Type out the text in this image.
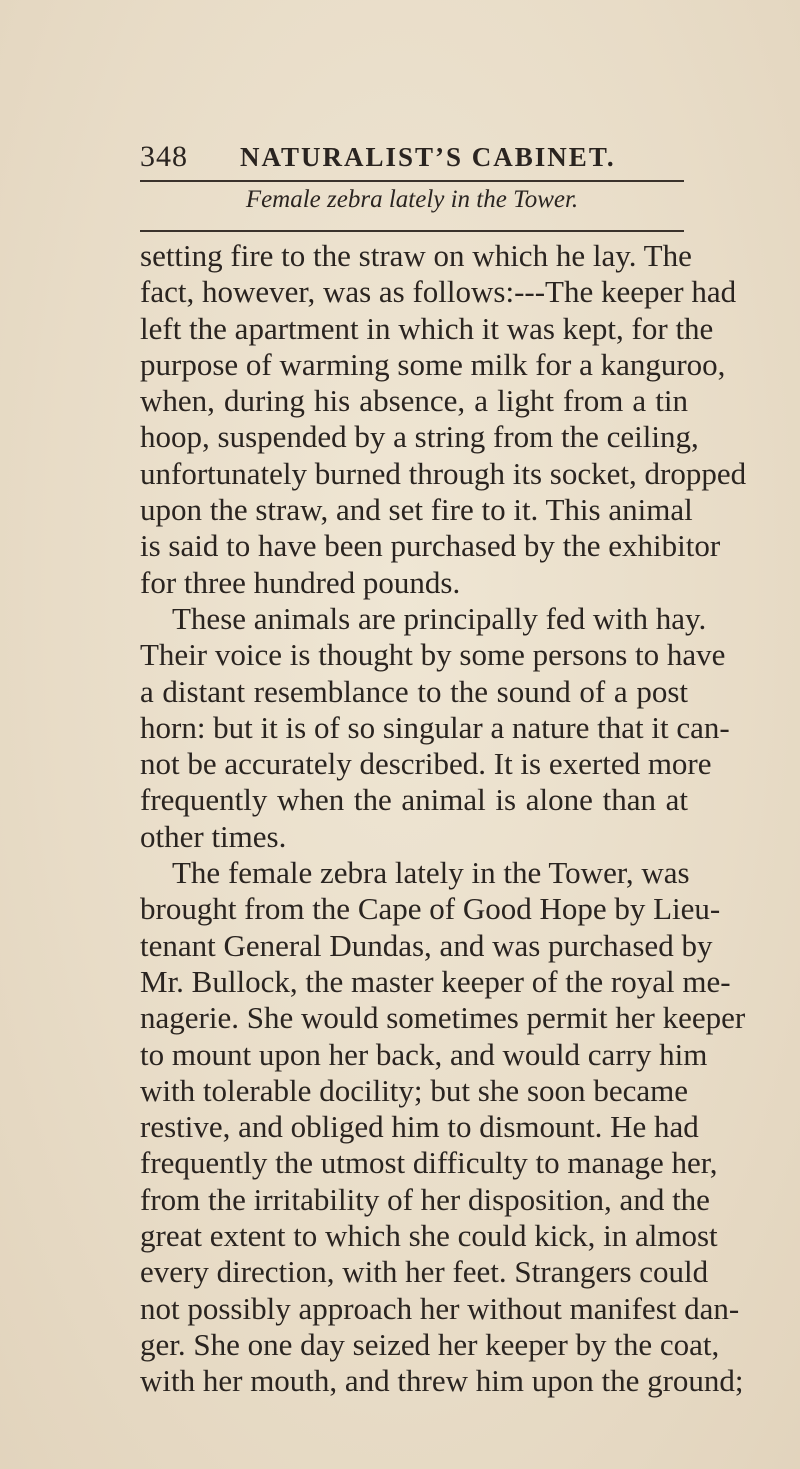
348 NATURALIST’S CABINET.
Female zebra lately in the Tower.
setting fire to the straw on which he lay. The
fact, however, was as follows:---The keeper had
left the apartment in which it was kept, for the
purpose of warming some milk for a kanguroo,
when, during his absence, a light from a tin
hoop, suspended by a string from the ceiling,
unfortunately burned through its socket, dropped
upon the straw, and set fire to it. This animal
is said to have been purchased by the exhibitor
for three hundred pounds.
These animals are principally fed with hay.
Their voice is thought by some persons to have
a distant resemblance to the sound of a post
horn: but it is of so singular a nature that it can-
not be accurately described. It is exerted more
frequently when the animal is alone than at
other times.
The female zebra lately in the Tower, was
brought from the Cape of Good Hope by Lieu-
tenant General Dundas, and was purchased by
Mr. Bullock, the master keeper of the royal me-
nagerie. She would sometimes permit her keeper
to mount upon her back, and would carry him
with tolerable docility; but she soon became
restive, and obliged him to dismount. He had
frequently the utmost difficulty to manage her,
from the irritability of her disposition, and the
great extent to which she could kick, in almost
every direction, with her feet. Strangers could
not possibly approach her without manifest dan-
ger. She one day seized her keeper by the coat,
with her mouth, and threw him upon the ground;
